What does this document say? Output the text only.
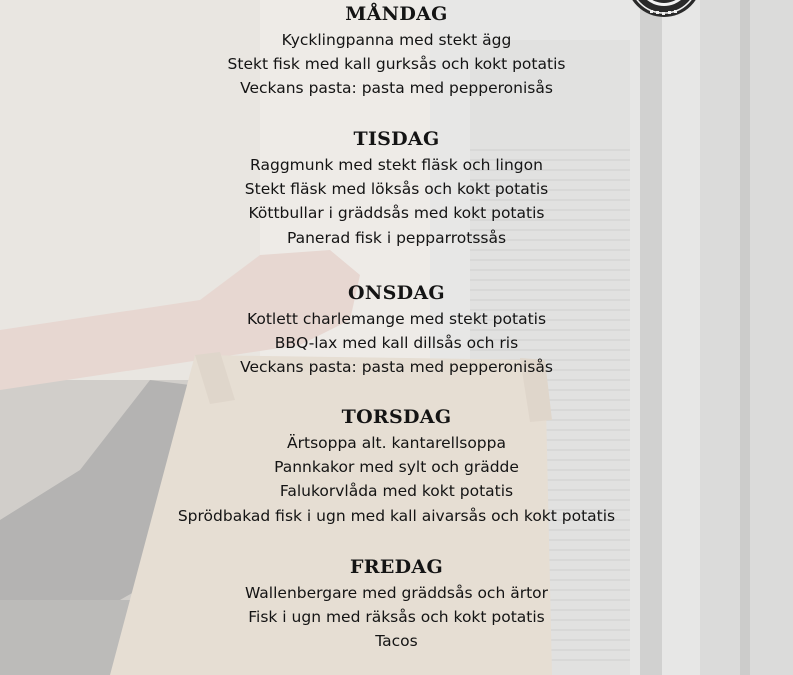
MÅNDAG
Kycklingpanna med stekt ägg
Stekt fisk med kall gurksås och kokt potatis
Veckans pasta: pasta med pepperonisås
TISDAG
Raggmunk med stekt fläsk och lingon
Stekt fläsk med löksås och kokt potatis
Köttbullar i gräddsås med kokt potatis
Panerad fisk i pepparrotssås
ONSDAG
Kotlett charlemange med stekt potatis
BBQ-lax med kall dillsås och ris
Veckans pasta: pasta med pepperonisås
TORSDAG
Ärtsoppa alt. kantarellsoppa
Pannkakor med sylt och grädde
Falukorvlåda med kokt potatis
Sprödbakad fisk i ugn med kall aivarsås och kokt potatis
FREDAG
Wallenbergare med gräddsås och ärtor
Fisk i ugn med räksås och kokt potatis
Tacos
